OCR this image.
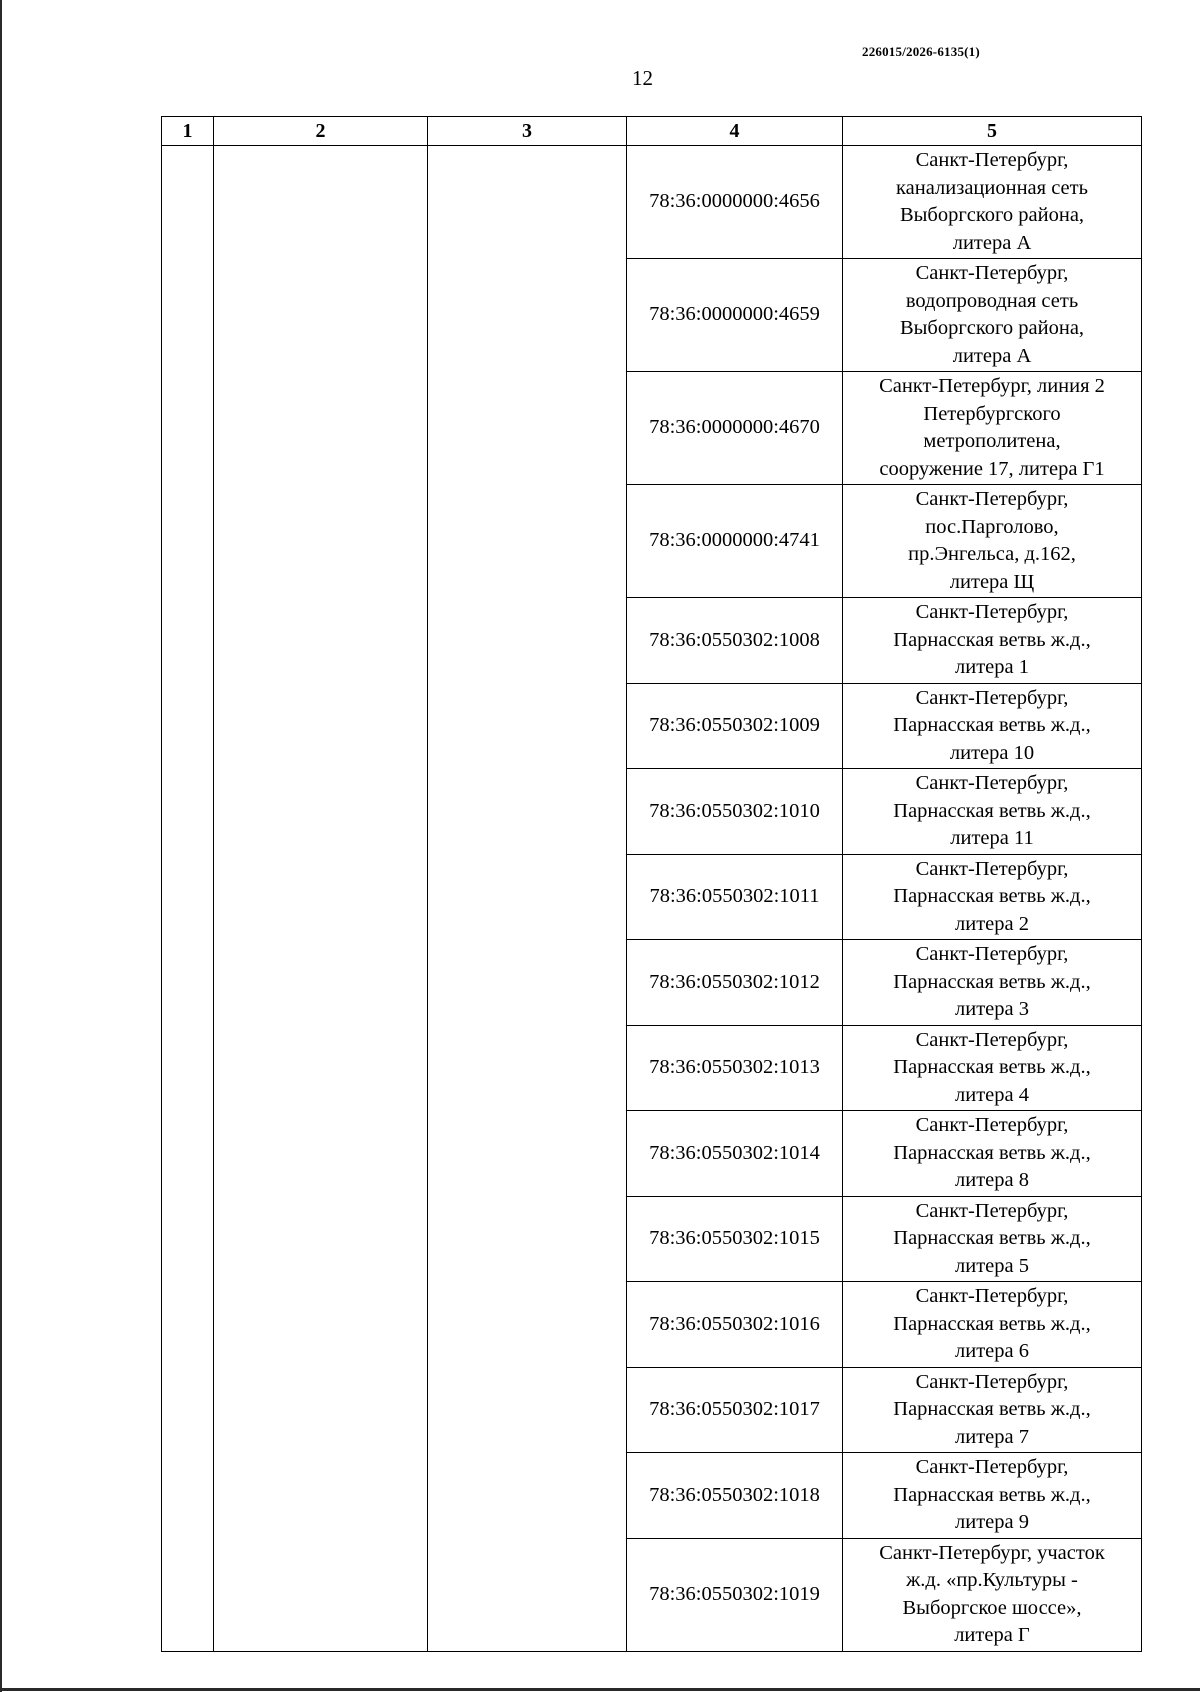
226015/2026-6135(1)
12
1	2	3	4	5
			78:36:0000000:4656	Санкт-Петербург,
канализационная сеть
Выборгского района,
литера А

			78:36:0000000:4659	Санкт-Петербург,
водопроводная сеть
Выборгского района,
литера А

			78:36:0000000:4670	Санкт-Петербург, линия 2
Петербургского
метрополитена,
сооружение 17, литера Г1

			78:36:0000000:4741	Санкт-Петербург,
пос.Парголово,
пр.Энгельса, д.162,
литера Щ

			78:36:0550302:1008	Санкт-Петербург,
Парнасская ветвь ж.д.,
литера 1

			78:36:0550302:1009	Санкт-Петербург,
Парнасская ветвь ж.д.,
литера 10

			78:36:0550302:1010	Санкт-Петербург,
Парнасская ветвь ж.д.,
литера 11

			78:36:0550302:1011	Санкт-Петербург,
Парнасская ветвь ж.д.,
литера 2

			78:36:0550302:1012	Санкт-Петербург,
Парнасская ветвь ж.д.,
литера 3

			78:36:0550302:1013	Санкт-Петербург,
Парнасская ветвь ж.д.,
литера 4

			78:36:0550302:1014	Санкт-Петербург,
Парнасская ветвь ж.д.,
литера 8

			78:36:0550302:1015	Санкт-Петербург,
Парнасская ветвь ж.д.,
литера 5

			78:36:0550302:1016	Санкт-Петербург,
Парнасская ветвь ж.д.,
литера 6

			78:36:0550302:1017	Санкт-Петербург,
Парнасская ветвь ж.д.,
литера 7

			78:36:0550302:1018	Санкт-Петербург,
Парнасская ветвь ж.д.,
литера 9

			78:36:0550302:1019	Санкт-Петербург, участок
ж.д. «пр.Культуры -
Выборгское шоссе»,
литера Г
